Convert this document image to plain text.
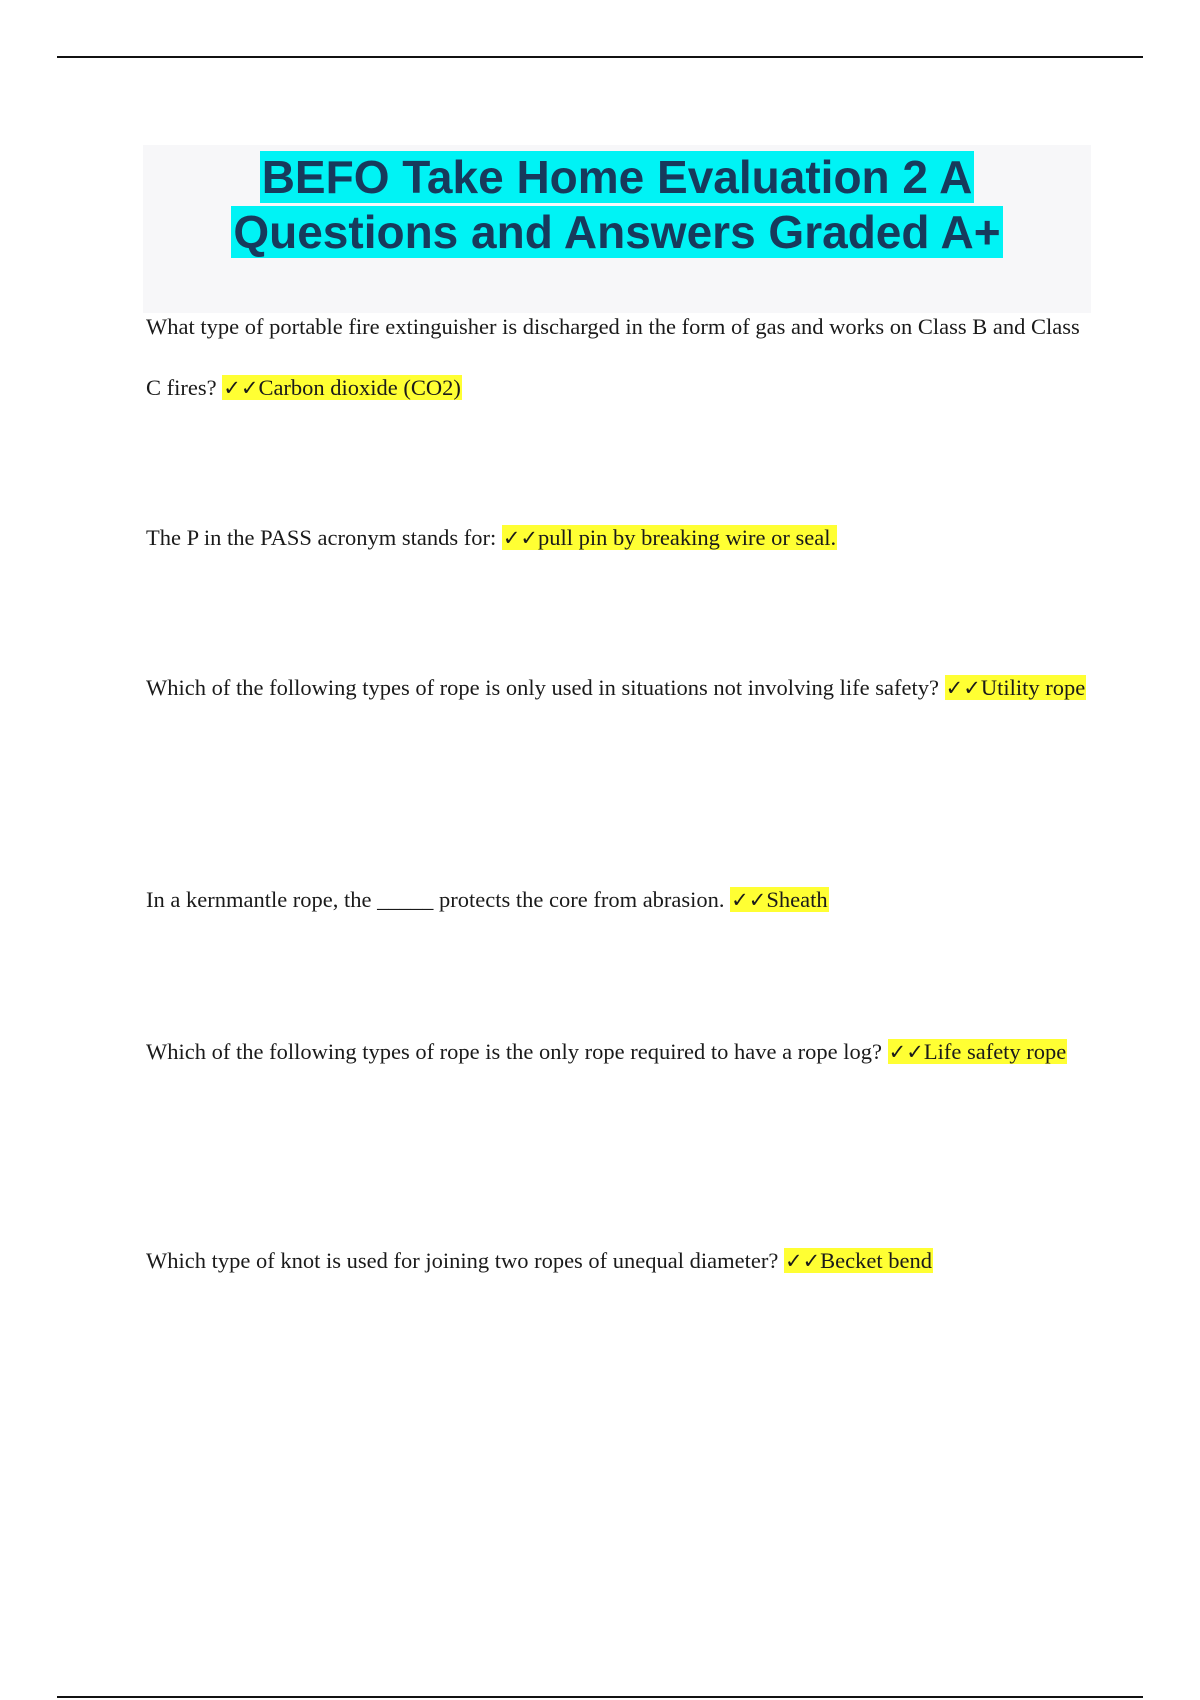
BEFO Take Home Evaluation 2 A Questions and Answers Graded A+

What type of portable fire extinguisher is discharged in the form of gas and works on Class B and Class C fires? ✓✓Carbon dioxide (CO2)

The P in the PASS acronym stands for: ✓✓pull pin by breaking wire or seal.

Which of the following types of rope is only used in situations not involving life safety? ✓✓Utility rope

In a kernmantle rope, the _____ protects the core from abrasion. ✓✓Sheath

Which of the following types of rope is the only rope required to have a rope log? ✓✓Life safety rope

Which type of knot is used for joining two ropes of unequal diameter? ✓✓Becket bend
